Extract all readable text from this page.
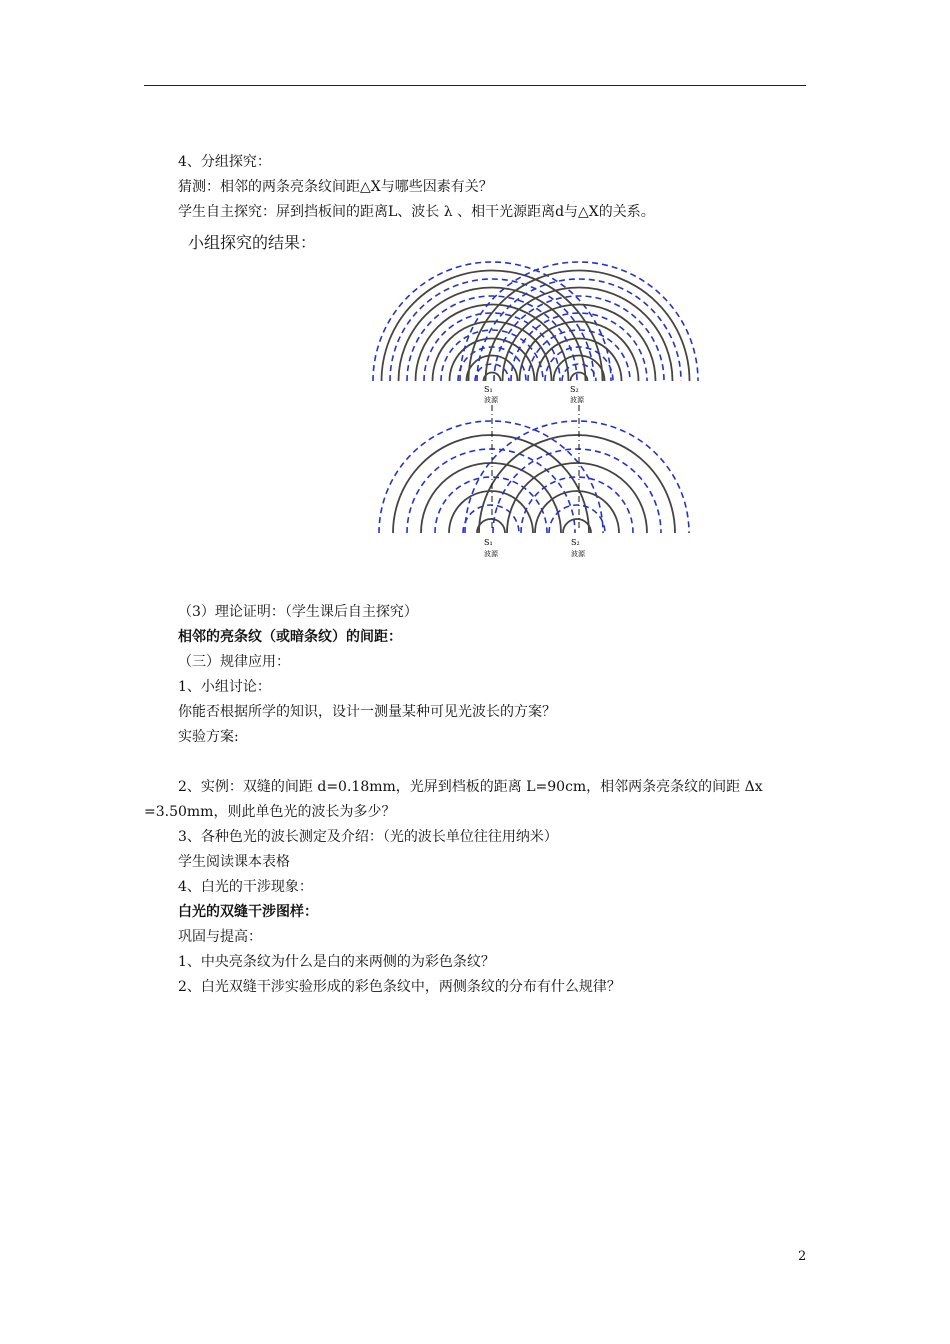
4、分组探究：
猜测：相邻的两条亮条纹间距△X与哪些因素有关？
学生自主探究：屏到挡板间的距离L、波长 λ 、相干光源距离d与△X的关系。
小组探究的结果：
S₁
波源
S₂
波源
S₁
波源
S₂
波源
（3）理论证明：（学生课后自主探究）
相邻的亮条纹（或暗条纹）的间距：
（三）规律应用：
1、小组讨论：
你能否根据所学的知识，设计一测量某种可见光波长的方案？
实验方案:
2、实例：双缝的间距 d=0.18mm，光屏到档板的距离 L=90cm，相邻两条亮条纹的间距 Δx
=3.50mm，则此单色光的波长为多少？
3、各种色光的波长测定及介绍：（光的波长单位往往用纳米）
学生阅读课本表格
4、白光的干涉现象：
白光的双缝干涉图样：
巩固与提高：
1、中央亮条纹为什么是白的来两侧的为彩色条纹？
2、白光双缝干涉实验形成的彩色条纹中，两侧条纹的分布有什么规律？
2
